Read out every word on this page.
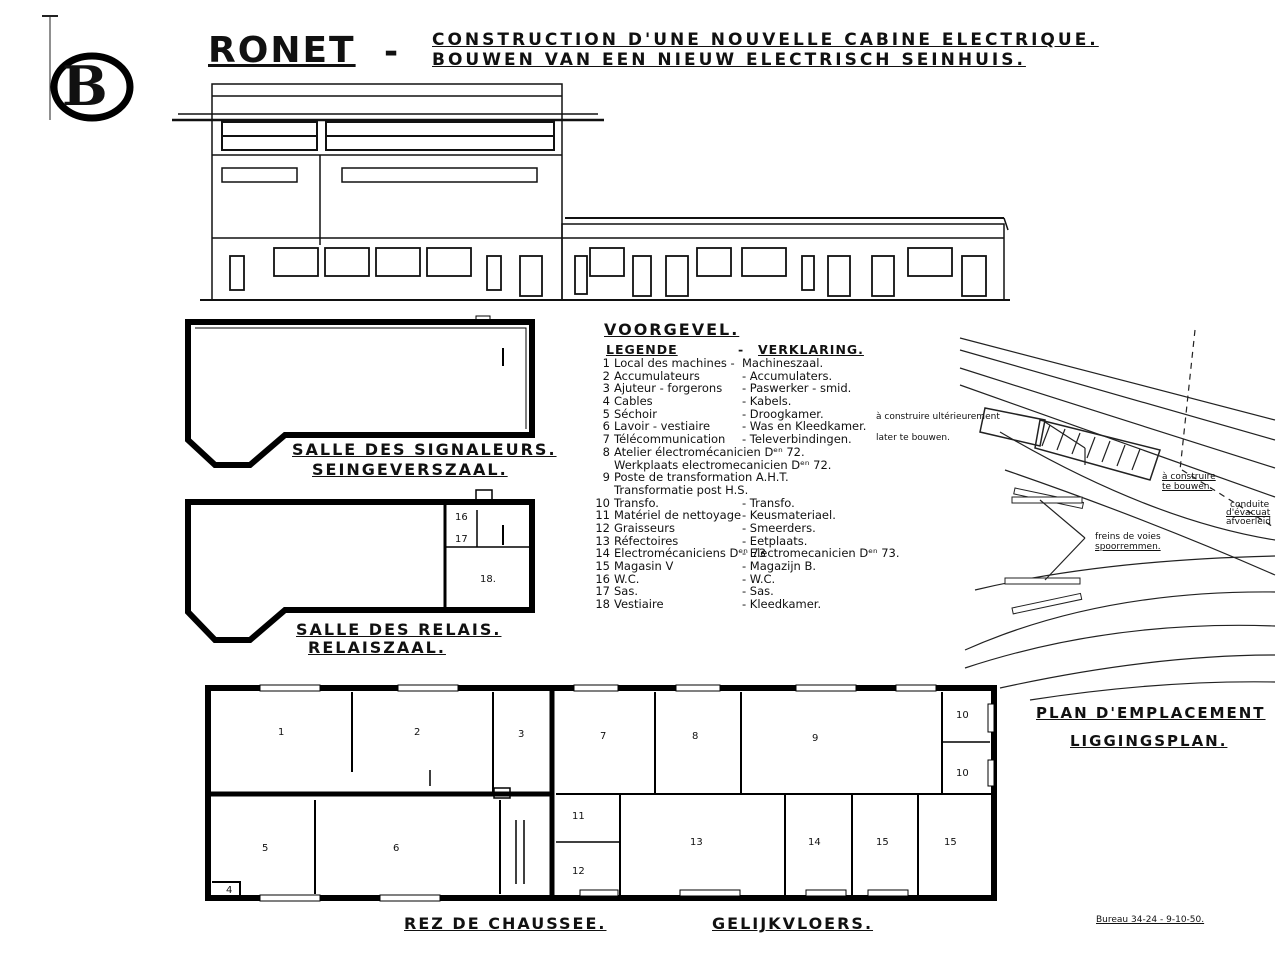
B
RONET - CONSTRUCTION D'UNE NOUVELLE CABINE ELECTRIQUE.
BOUWEN VAN EEN NIEUW ELECTRISCH SEINHUIS.
VOORGEVEL.
LEGENDE	- VERKLARING.
1 Local des machines - Machineszaal.
2 Accumulateurs	- Accumulaters.
3 Ajuteur - forgerons - Paswerker - smid.
4 Cables	- Kabels.
5 Séchoir	- Droogkamer.
6 Lavoir - vestiaire	- Was en Kleedkamer.
7 Télécommunication - Televerbindingen.
8 Atelier électromécanicien Dᵉⁿ 72.
Werkplaats electromecanicien Dᵉⁿ 72.
9 Poste de transformation A.H.T.
Transformatie post H.S.
10 Transfo.	- Transfo.
11 Matériel de nettoyage - Keusmateriael.
12 Graisseurs	- Smeerders.
13 Réfectoires	- Eetplaats.
14 Electromécaniciens Dᵉⁿ 73
- Electromecanicien Dᵉⁿ 73.
15 Magasin V	- Magazijn B.
16 W.C.	- W.C.
17 Sas.	- Sas.
18 Vestiaire	- Kleedkamer.
à construire ultérieurement
later te bouwen.
SALLE DES SIGNALEURS.
SEINGEVERSZAAL.
SALLE DES RELAIS.
RELAISZAAL.
REZ DE CHAUSSEE.	GELIJKVLOERS.
16
17
18.
1	2	3	7	8	9
10
10
5	6
4
11
12
13	14	15	15
à construire
te bouwen.
freins de voies
spoorremmen.
conduite
d'évacuat
afvoerleid
PLAN D'EMPLACEMENT
LIGGINGSPLAN.
Bureau 34-24 - 9-10-50.
